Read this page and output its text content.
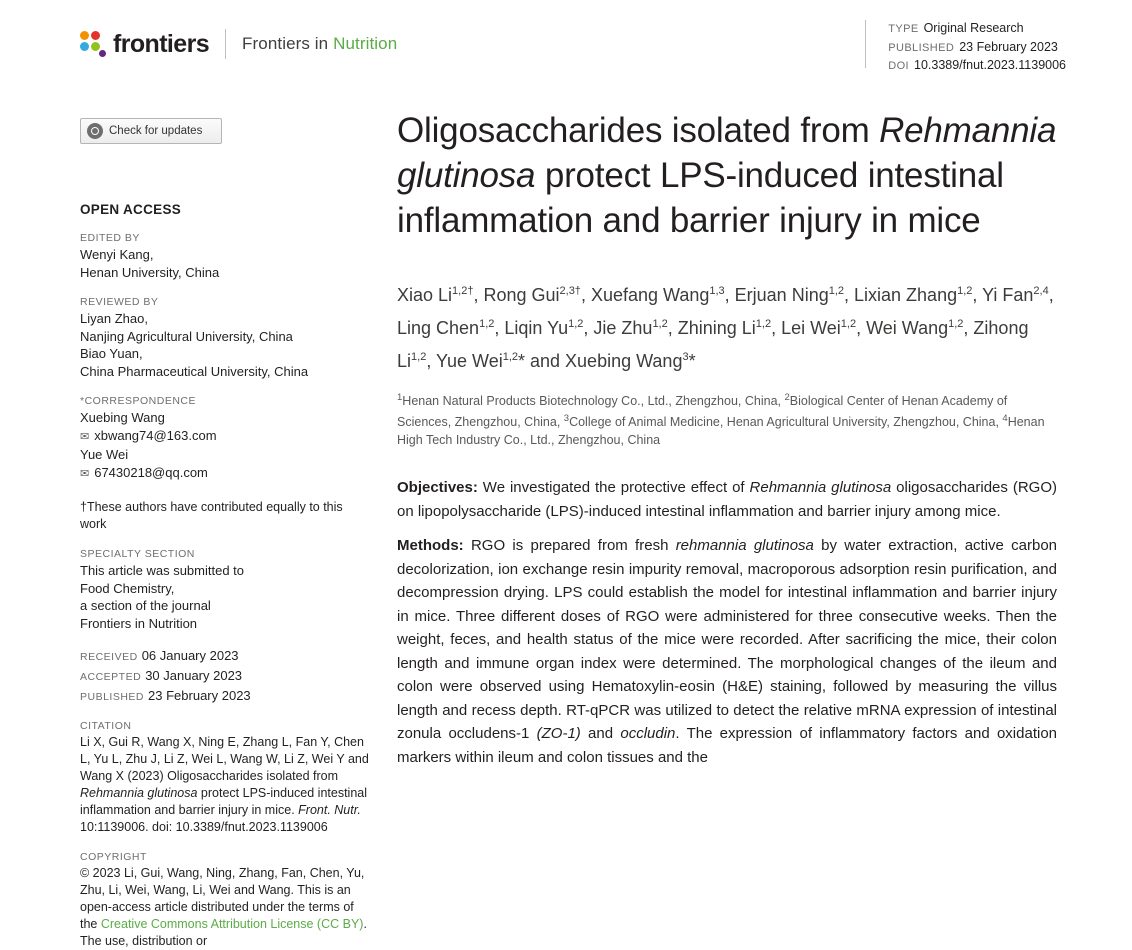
frontiers Frontiers in Nutrition
TYPE Original Research
PUBLISHED 23 February 2023
DOI 10.3389/fnut.2023.1139006
Check for updates
OPEN ACCESS
EDITED BY
Wenyi Kang,
Henan University, China
REVIEWED BY
Liyan Zhao,
Nanjing Agricultural University, China
Biao Yuan,
China Pharmaceutical University, China
*CORRESPONDENCE
Xuebing Wang
✉ xbwang74@163.com
Yue Wei
✉ 67430218@qq.com
†These authors have contributed equally to this work
SPECIALTY SECTION
This article was submitted to
Food Chemistry,
a section of the journal
Frontiers in Nutrition
RECEIVED 06 January 2023
ACCEPTED 30 January 2023
PUBLISHED 23 February 2023
CITATION
Li X, Gui R, Wang X, Ning E, Zhang L, Fan Y, Chen L, Yu L, Zhu J, Li Z, Wei L, Wang W, Li Z, Wei Y and Wang X (2023) Oligosaccharides isolated from Rehmannia glutinosa protect LPS-induced intestinal inflammation and barrier injury in mice. Front. Nutr. 10:1139006. doi: 10.3389/fnut.2023.1139006
COPYRIGHT
© 2023 Li, Gui, Wang, Ning, Zhang, Fan, Chen, Yu, Zhu, Li, Wei, Wang, Li, Wei and Wang. This is an open-access article distributed under the terms of the Creative Commons Attribution License (CC BY). The use, distribution or
Oligosaccharides isolated from Rehmannia glutinosa protect LPS-induced intestinal inflammation and barrier injury in mice
Xiao $Li^{1,2\dagger}$, Rong Gui$^{2,3\dagger}$, Xuefang Wang$^{1,3}$, Erjuan Ning$^{1,2}$, Lixian Zhang$^{1,2}$, Yi Fan$^{2,4}$, Ling Chen$^{1,2}$, Liqin Yu$^{1,2}$, Jie Zhu$^{1,2}$, Zhining Li$^{1,2}$, Lei Wei$^{1,2}$, Wei Wang$^{1,2}$, Zihong Li$^{1,2}$, Yue Wei$^{1,2}$* and Xuebing Wang$^3$*
$^1$Henan Natural Products Biotechnology Co., Ltd., Zhengzhou, China, $^2$Biological Center of Henan Academy of Sciences, Zhengzhou, China, $^3$College of Animal Medicine, Henan Agricultural University, Zhengzhou, China, $^4$Henan High Tech Industry Co., Ltd., Zhengzhou, China

Objectives: We investigated the protective effect of Rehmannia glutinosa oligosaccharides (RGO) on lipopolysaccharide (LPS)-induced intestinal inflammation and barrier injury among mice.

Methods: RGO is prepared from fresh rehmannia glutinosa by water extraction, active carbon decolorization, ion exchange resin impurity removal, macroporous adsorption resin purification, and decompression drying. LPS could establish the model for intestinal inflammation and barrier injury in mice. Three different doses of RGO were administered for three consecutive weeks. Then the weight, feces, and health status of the mice were recorded. After sacrificing the mice, their colon length and immune organ index were determined. The morphological changes of the ileum and colon were observed using Hematoxylin-eosin (H&E) staining, followed by measuring the villus length and recess depth. RT-qPCR was utilized to detect the relative mRNA expression of intestinal zonula occludens-1 (ZO-1) and occludin. The expression of inflammatory factors and oxidation markers within ileum and colon tissues and the
